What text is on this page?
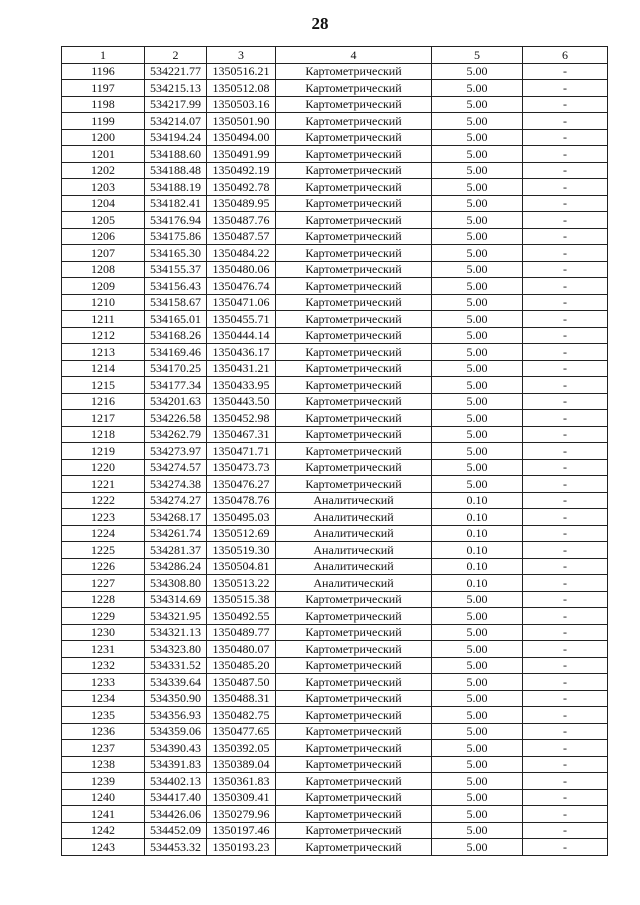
28
1	2	3	4	5	6
1196	534221.77	1350516.21	Картометрический	5.00	-
1197	534215.13	1350512.08	Картометрический	5.00	-
1198	534217.99	1350503.16	Картометрический	5.00	-
1199	534214.07	1350501.90	Картометрический	5.00	-
1200	534194.24	1350494.00	Картометрический	5.00	-
1201	534188.60	1350491.99	Картометрический	5.00	-
1202	534188.48	1350492.19	Картометрический	5.00	-
1203	534188.19	1350492.78	Картометрический	5.00	-
1204	534182.41	1350489.95	Картометрический	5.00	-
1205	534176.94	1350487.76	Картометрический	5.00	-
1206	534175.86	1350487.57	Картометрический	5.00	-
1207	534165.30	1350484.22	Картометрический	5.00	-
1208	534155.37	1350480.06	Картометрический	5.00	-
1209	534156.43	1350476.74	Картометрический	5.00	-
1210	534158.67	1350471.06	Картометрический	5.00	-
1211	534165.01	1350455.71	Картометрический	5.00	-
1212	534168.26	1350444.14	Картометрический	5.00	-
1213	534169.46	1350436.17	Картометрический	5.00	-
1214	534170.25	1350431.21	Картометрический	5.00	-
1215	534177.34	1350433.95	Картометрический	5.00	-
1216	534201.63	1350443.50	Картометрический	5.00	-
1217	534226.58	1350452.98	Картометрический	5.00	-
1218	534262.79	1350467.31	Картометрический	5.00	-
1219	534273.97	1350471.71	Картометрический	5.00	-
1220	534274.57	1350473.73	Картометрический	5.00	-
1221	534274.38	1350476.27	Картометрический	5.00	-
1222	534274.27	1350478.76	Аналитический	0.10	-
1223	534268.17	1350495.03	Аналитический	0.10	-
1224	534261.74	1350512.69	Аналитический	0.10	-
1225	534281.37	1350519.30	Аналитический	0.10	-
1226	534286.24	1350504.81	Аналитический	0.10	-
1227	534308.80	1350513.22	Аналитический	0.10	-
1228	534314.69	1350515.38	Картометрический	5.00	-
1229	534321.95	1350492.55	Картометрический	5.00	-
1230	534321.13	1350489.77	Картометрический	5.00	-
1231	534323.80	1350480.07	Картометрический	5.00	-
1232	534331.52	1350485.20	Картометрический	5.00	-
1233	534339.64	1350487.50	Картометрический	5.00	-
1234	534350.90	1350488.31	Картометрический	5.00	-
1235	534356.93	1350482.75	Картометрический	5.00	-
1236	534359.06	1350477.65	Картометрический	5.00	-
1237	534390.43	1350392.05	Картометрический	5.00	-
1238	534391.83	1350389.04	Картометрический	5.00	-
1239	534402.13	1350361.83	Картометрический	5.00	-
1240	534417.40	1350309.41	Картометрический	5.00	-
1241	534426.06	1350279.96	Картометрический	5.00	-
1242	534452.09	1350197.46	Картометрический	5.00	-
1243	534453.32	1350193.23	Картометрический	5.00	-
